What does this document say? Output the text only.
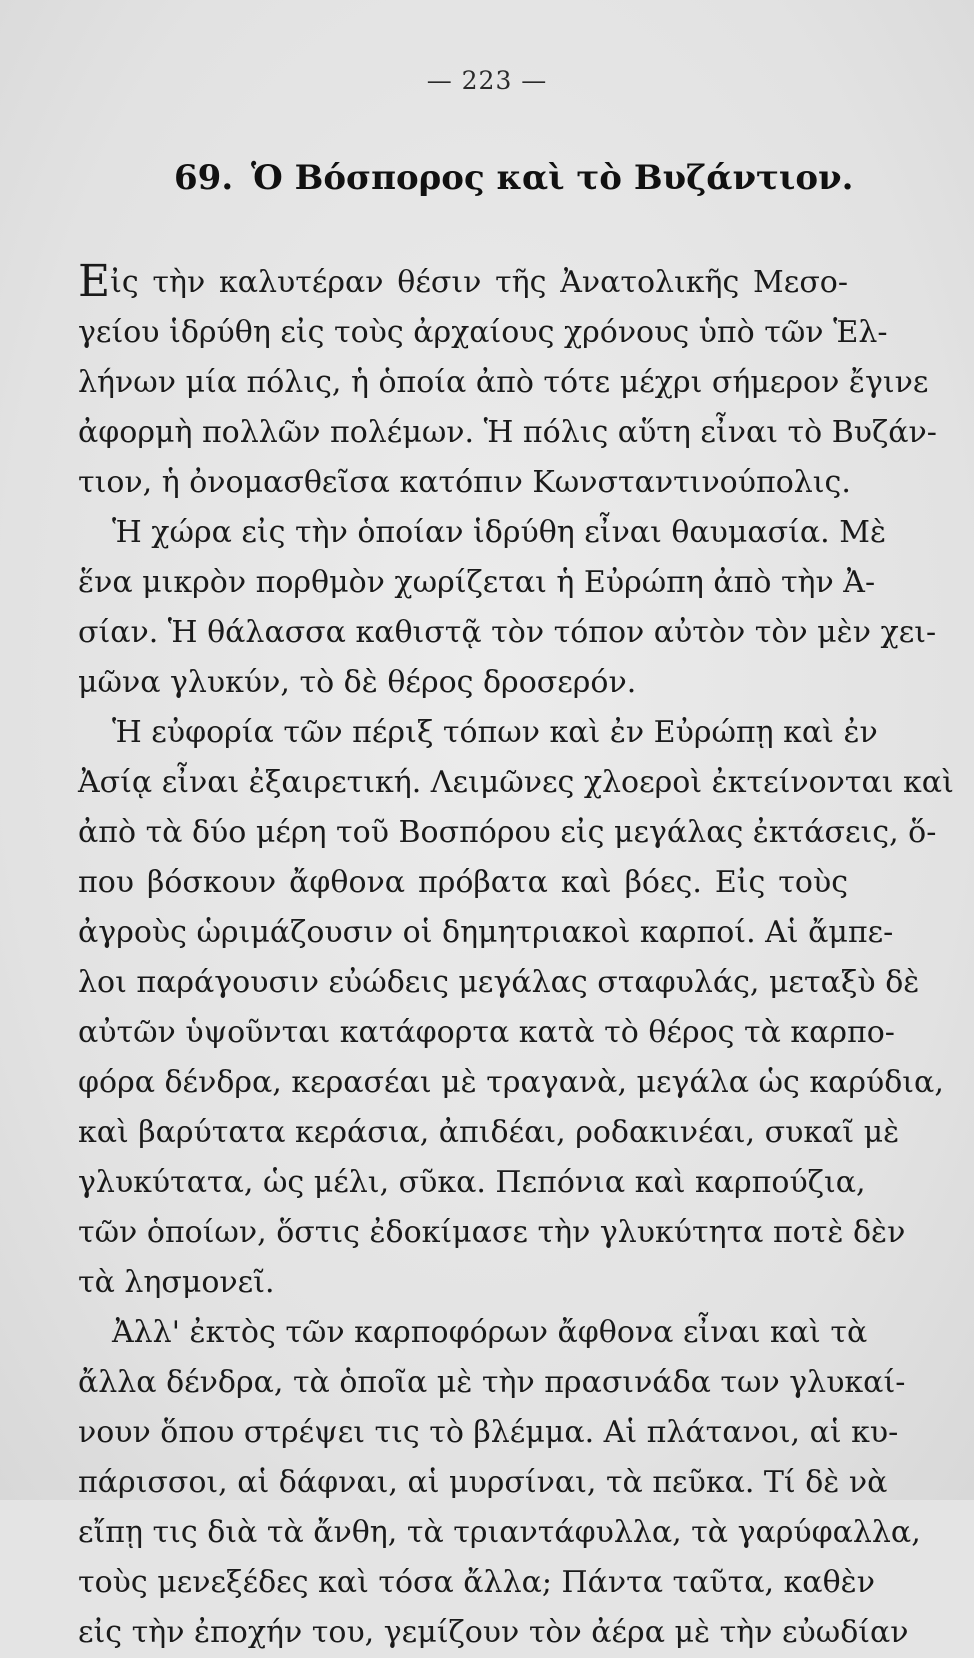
— 223 —
69. Ὁ Βόσπορος καὶ τὸ Βυζάντιον.
Εἰς τὴν καλυτέραν θέσιν τῆς Ἀνατολικῆς Μεσο-
γείου ἱδρύθη εἰς τοὺς ἀρχαίους χρόνους ὑπὸ τῶν Ἑλ-
λήνων μία πόλις, ἡ ὁποία ἀπὸ τότε μέχρι σήμερον ἔγινε
ἀφορμὴ πολλῶν πολέμων. Ἡ πόλις αὕτη εἶναι τὸ Βυζάν-
τιον, ἡ ὀνομασθεῖσα κατόπιν Κωνσταντινούπολις.
Ἡ χώρα εἰς τὴν ὁποίαν ἱδρύθη εἶναι θαυμασία. Μὲ
ἕνα μικρὸν πορθμὸν χωρίζεται ἡ Εὐρώπη ἀπὸ τὴν Ἀ-
σίαν. Ἡ θάλασσα καθιστᾷ τὸν τόπον αὐτὸν τὸν μὲν χει-
μῶνα γλυκύν, τὸ δὲ θέρος δροσερόν.
Ἡ εὐφορία τῶν πέριξ τόπων καὶ ἐν Εὐρώπῃ καὶ ἐν
Ἀσίᾳ εἶναι ἐξαιρετική. Λειμῶνες χλοεροὶ ἐκτείνονται καὶ
ἀπὸ τὰ δύο μέρη τοῦ Βοσπόρου εἰς μεγάλας ἐκτάσεις, ὅ-
που βόσκουν ἄφθονα πρόβατα καὶ βόες. Εἰς τοὺς
ἀγροὺς ὡριμάζουσιν οἱ δημητριακοὶ καρποί. Αἱ ἄμπε-
λοι παράγουσιν εὐώδεις μεγάλας σταφυλάς, μεταξὺ δὲ
αὐτῶν ὑψοῦνται κατάφορτα κατὰ τὸ θέρος τὰ καρπο-
φόρα δένδρα, κερασέαι μὲ τραγανὰ, μεγάλα ὡς καρύδια,
καὶ βαρύτατα κεράσια, ἀπιδέαι, ροδακινέαι, συκαῖ μὲ
γλυκύτατα, ὡς μέλι, σῦκα. Πεπόνια καὶ καρπούζια,
τῶν ὁποίων, ὅστις ἐδοκίμασε τὴν γλυκύτητα ποτὲ δὲν
τὰ λησμονεῖ.
Ἀλλ' ἐκτὸς τῶν καρποφόρων ἄφθονα εἶναι καὶ τὰ
ἄλλα δένδρα, τὰ ὁποῖα μὲ τὴν πρασινάδα των γλυκαί-
νουν ὅπου στρέψει τις τὸ βλέμμα. Αἱ πλάτανοι, αἱ κυ-
πάρισσοι, αἱ δάφναι, αἱ μυρσίναι, τὰ πεῦκα. Τί δὲ νὰ
εἴπῃ τις διὰ τὰ ἄνθη, τὰ τριαντάφυλλα, τὰ γαρύφαλλα,
τοὺς μενεξέδες καὶ τόσα ἄλλα; Πάντα ταῦτα, καθὲν
εἰς τὴν ἐποχήν του, γεμίζουν τὸν ἀέρα μὲ τὴν εὐωδίαν
